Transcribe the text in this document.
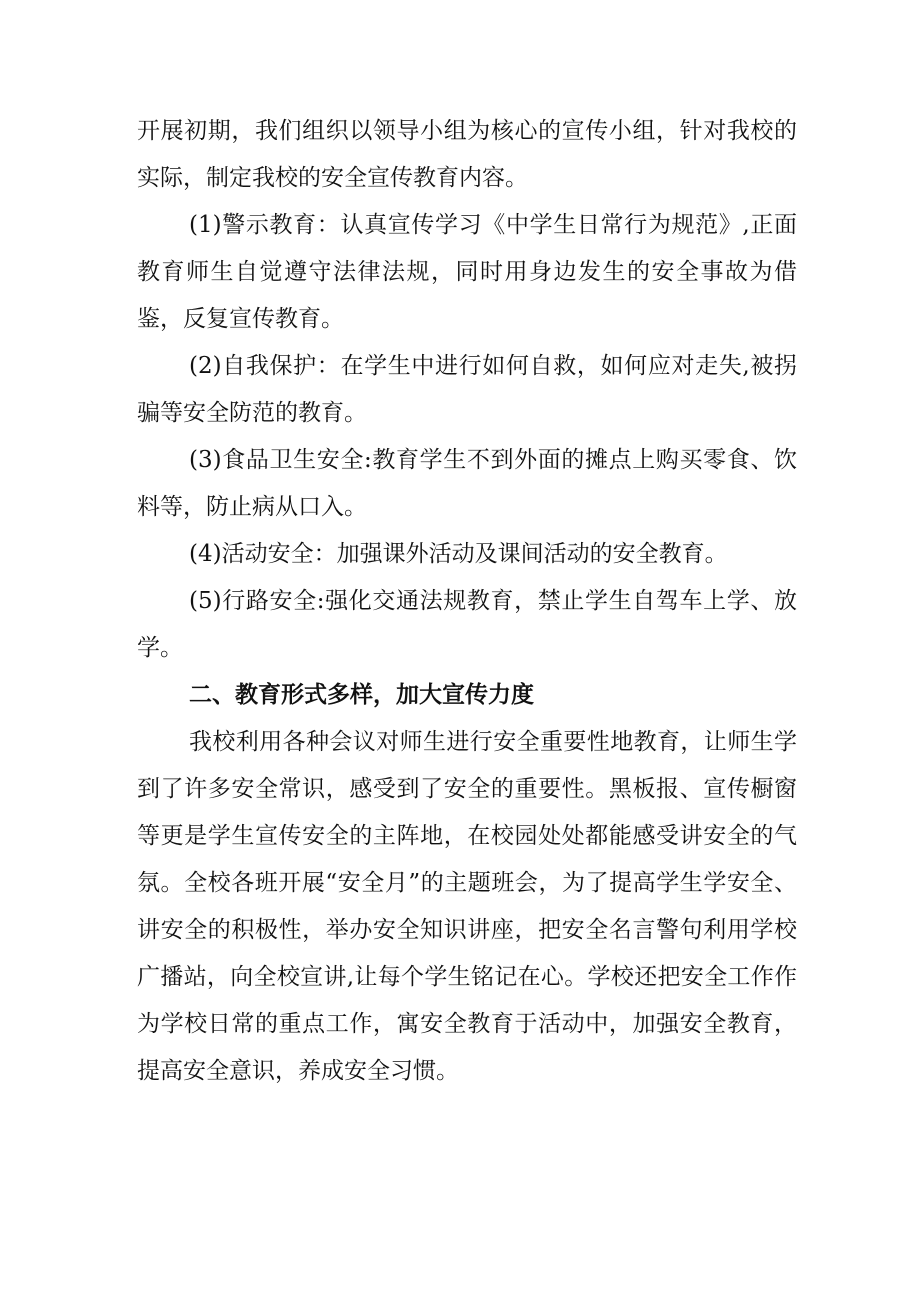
开展初期，我们组织以领导小组为核心的宣传小组，针对我校的实际，制定我校的安全宣传教育内容。

(1)警示教育：认真宣传学习《中学生日常行为规范》,正面教育师生自觉遵守法律法规，同时用身边发生的安全事故为借鉴，反复宣传教育。

(2)自我保护：在学生中进行如何自救，如何应对走失,被拐骗等安全防范的教育。

(3)食品卫生安全:教育学生不到外面的摊点上购买零食、饮料等，防止病从口入。

(4)活动安全：加强课外活动及课间活动的安全教育。

(5)行路安全:强化交通法规教育，禁止学生自驾车上学、放学。

二、教育形式多样，加大宣传力度

我校利用各种会议对师生进行安全重要性地教育，让师生学到了许多安全常识，感受到了安全的重要性。黑板报、宣传橱窗等更是学生宣传安全的主阵地，在校园处处都能感受讲安全的气氛。全校各班开展“安全月”的主题班会，为了提高学生学安全、讲安全的积极性，举办安全知识讲座，把安全名言警句利用学校广播站，向全校宣讲,让每个学生铭记在心。学校还把安全工作作为学校日常的重点工作，寓安全教育于活动中，加强安全教育，提高安全意识，养成安全习惯。
